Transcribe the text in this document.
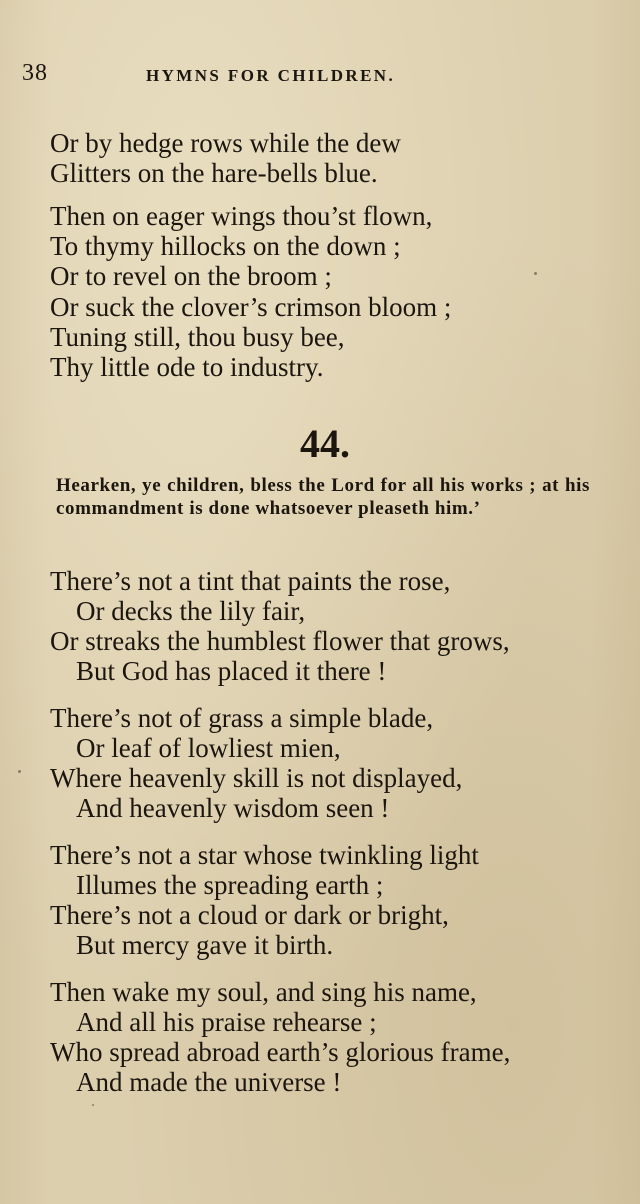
38	HYMNS FOR CHILDREN.
Or by hedge rows while the dew
Glitters on the hare-bells blue.
Then on eager wings thou’st flown,
To thymy hillocks on the down ;
Or to revel on the broom ;
Or suck the clover’s crimson bloom ;
Tuning still, thou busy bee,
Thy little ode to industry.
44.
Hearken, ye children, bless the Lord for all his works ; at his commandment is done whatsoever pleaseth him.’
There’s not a tint that paints the rose,
Or decks the lily fair,
Or streaks the humblest flower that grows,
But God has placed it there !
There’s not of grass a simple blade,
Or leaf of lowliest mien,
Where heavenly skill is not displayed,
And heavenly wisdom seen !
There’s not a star whose twinkling light
Illumes the spreading earth ;
There’s not a cloud or dark or bright,
But mercy gave it birth.
Then wake my soul, and sing his name,
And all his praise rehearse ;
Who spread abroad earth’s glorious frame,
And made the universe !
